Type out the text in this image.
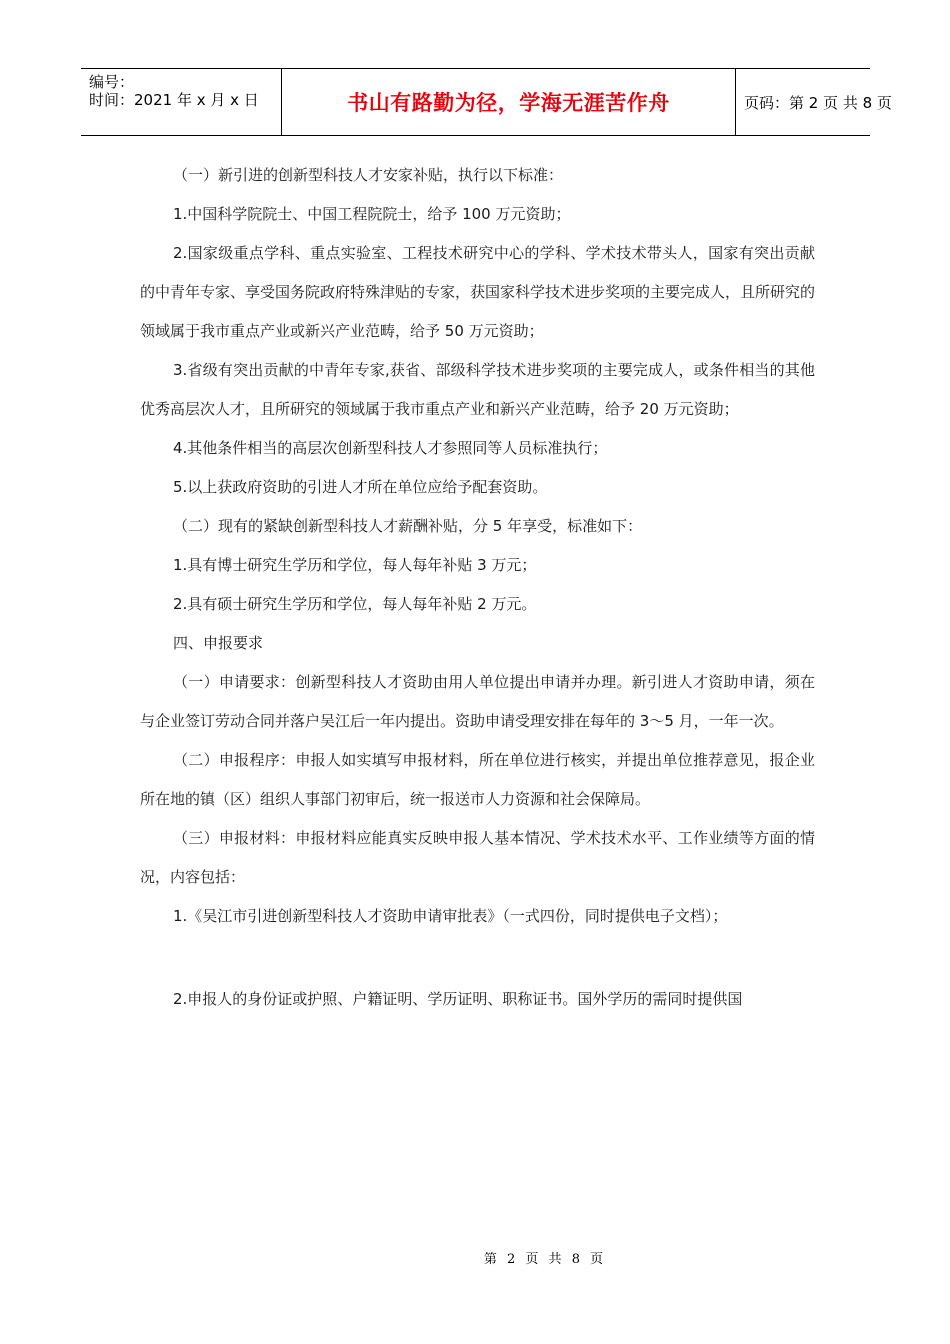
编号：
时间：2021 年 x 月 x 日	书山有路勤为径，学海无涯苦作舟	页码：第 2 页 共 8 页

（一）新引进的创新型科技人才安家补贴，执行以下标准：

1.中国科学院院士、中国工程院院士，给予 100 万元资助；

2.国家级重点学科、重点实验室、工程技术研究中心的学科、学术技术带头人，国家有突出贡献的中青年专家、享受国务院政府特殊津贴的专家，获国家科学技术进步奖项的主要完成人，且所研究的领域属于我市重点产业或新兴产业范畴，给予 50 万元资助；

3.省级有突出贡献的中青年专家,获省、部级科学技术进步奖项的主要完成人，或条件相当的其他优秀高层次人才，且所研究的领域属于我市重点产业和新兴产业范畴，给予 20 万元资助；

4.其他条件相当的高层次创新型科技人才参照同等人员标准执行；

5.以上获政府资助的引进人才所在单位应给予配套资助。

（二）现有的紧缺创新型科技人才薪酬补贴，分 5 年享受，标准如下：

1.具有博士研究生学历和学位，每人每年补贴 3 万元；

2.具有硕士研究生学历和学位，每人每年补贴 2 万元。

四、申报要求

（一）申请要求：创新型科技人才资助由用人单位提出申请并办理。新引进人才资助申请，须在与企业签订劳动合同并落户吴江后一年内提出。资助申请受理安排在每年的 3～5 月，一年一次。

（二）申报程序：申报人如实填写申报材料，所在单位进行核实，并提出单位推荐意见，报企业所在地的镇（区）组织人事部门初审后，统一报送市人力资源和社会保障局。

（三）申报材料：申报材料应能真实反映申报人基本情况、学术技术水平、工作业绩等方面的情况，内容包括：

1.《吴江市引进创新型科技人才资助申请审批表》（一式四份，同时提供电子文档）；

2.申报人的身份证或护照、户籍证明、学历证明、职称证书。国外学历的需同时提供国

第 2 页 共 8 页
